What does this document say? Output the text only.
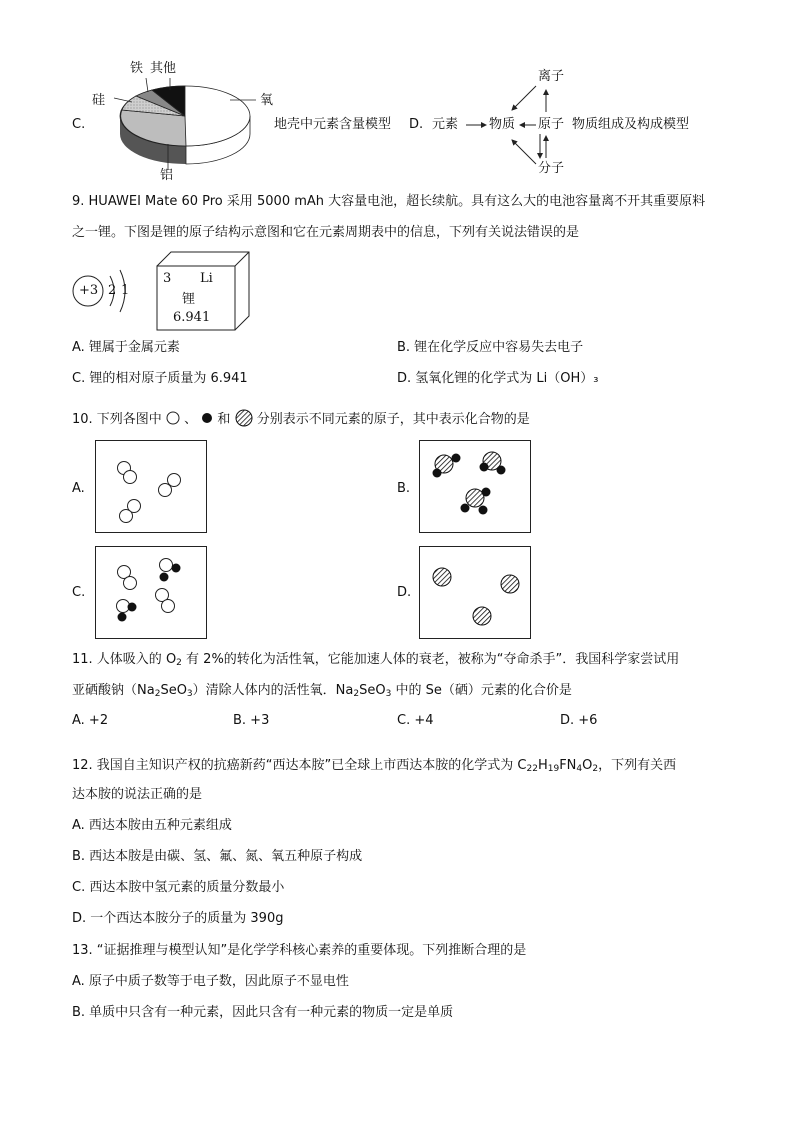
C.
铁 其他
硅	氧
铝
地壳中元素含量模型 D. 元素 物质 原子
离子
分子
物质组成及构成模型
9. HUAWEI Mate 60 Pro 采用 5000 mAh 大容量电池，超长续航。具有这么大的电池容量离不开其重要原料
之一锂。下图是锂的原子结构示意图和它在元素周期表中的信息，下列有关说法错误的是
+3 2 1
3 Li
锂
6.941
A. 锂属于金属元素	B. 锂在化学反应中容易失去电子
C. 锂的相对原子质量为 6.941	D. 氢氧化锂的化学式为 Li（OH）₃
10. 下列各图中 、 和 分别表示不同元素的原子，其中表示化合物的是
A.	B.
C.	D.
11. 人体吸入的 $O_2$ 有 2%的转化为活性氧，它能加速人体的衰老，被称为“夺命杀手”．我国科学家尝试用
亚硒酸钠$(Na_2SeO_3)$清除人体内的活性氧．$Na_2SeO_3$ 中的 Se（硒）元素的化合价是
A. +2	B. +3	C. +4	D. +6
12. 我国自主知识产权的抗癌新药“西达本胺”已全球上市西达本胺的化学式为 $C_{22}H_{19}FN_4O_2$，下列有关西
达本胺的说法正确的是
A. 西达本胺由五种元素组成
B. 西达本胺是由碳、氢、氟、氮、氧五种原子构成
C. 西达本胺中氢元素的质量分数最小
D. 一个西达本胺分子的质量为 390g
13. “证据推理与模型认知”是化学学科核心素养的重要体现。下列推断合理的是
A. 原子中质子数等于电子数，因此原子不显电性
B. 单质中只含有一种元素，因此只含有一种元素的物质一定是单质
